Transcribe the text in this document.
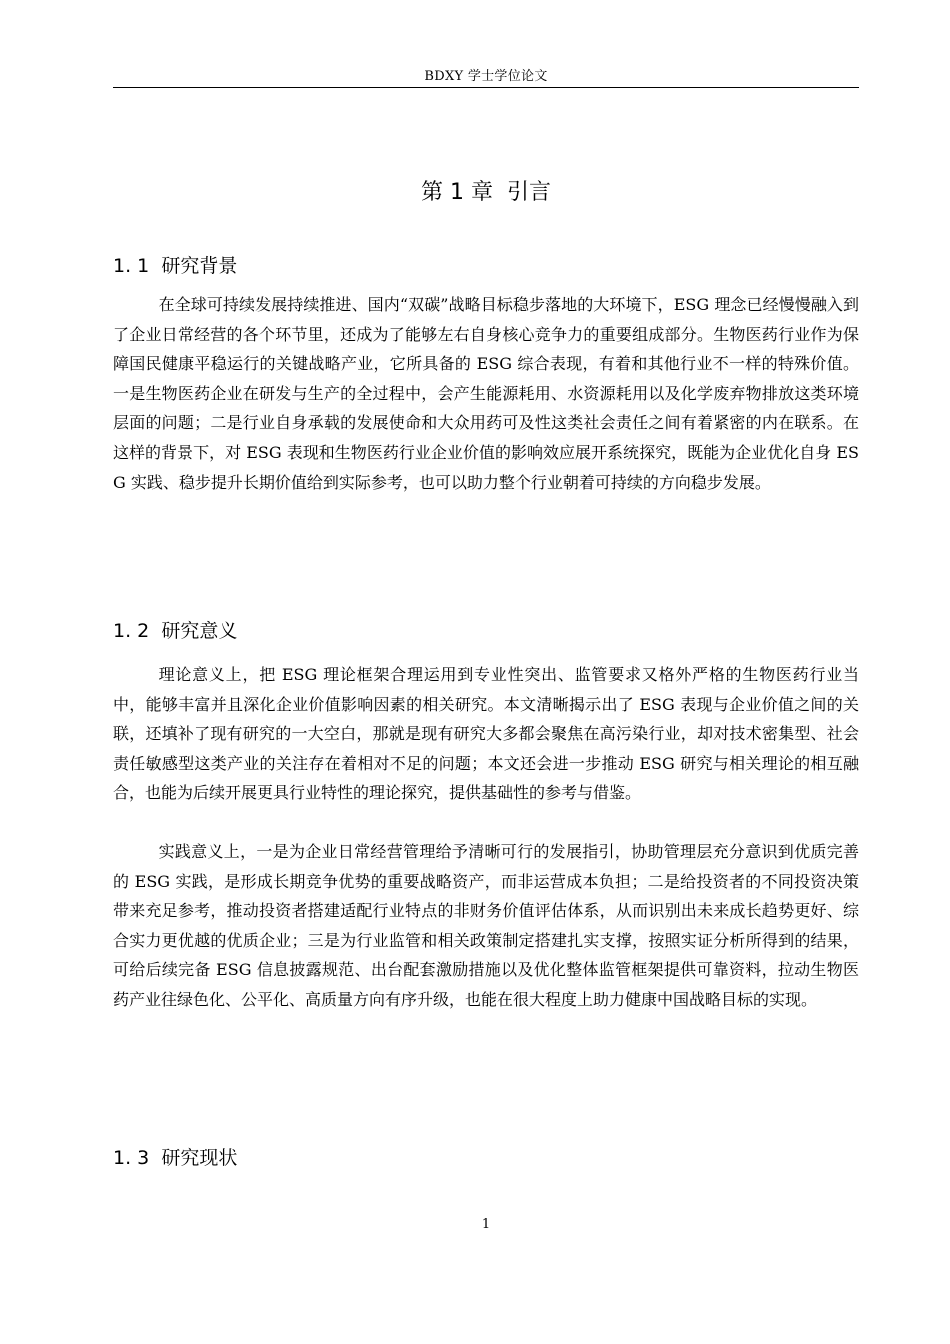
BDXY 学士学位论文
第 1 章  引言
1. 1  研究背景

在全球可持续发展持续推进、国内“双碳”战略目标稳步落地的大环境下，ESG 理念已经慢慢融入到了企业日常经营的各个环节里，还成为了能够左右自身核心竞争力的重要组成部分。生物医药行业作为保障国民健康平稳运行的关键战略产业，它所具备的 ESG 综合表现，有着和其他行业不一样的特殊价值。一是生物医药企业在研发与生产的全过程中，会产生能源耗用、水资源耗用以及化学废弃物排放这类环境层面的问题；二是行业自身承载的发展使命和大众用药可及性这类社会责任之间有着紧密的内在联系。在这样的背景下，对 ESG 表现和生物医药行业企业价值的影响效应展开系统探究，既能为企业优化自身 ESG 实践、稳步提升长期价值给到实际参考，也可以助力整个行业朝着可持续的方向稳步发展。

1. 2  研究意义

理论意义上，把 ESG 理论框架合理运用到专业性突出、监管要求又格外严格的生物医药行业当中，能够丰富并且深化企业价值影响因素的相关研究。本文清晰揭示出了 ESG 表现与企业价值之间的关联，还填补了现有研究的一大空白，那就是现有研究大多都会聚焦在高污染行业，却对技术密集型、社会责任敏感型这类产业的关注存在着相对不足的问题；本文还会进一步推动 ESG 研究与相关理论的相互融合，也能为后续开展更具行业特性的理论探究，提供基础性的参考与借鉴。

实践意义上，一是为企业日常经营管理给予清晰可行的发展指引，协助管理层充分意识到优质完善的 ESG 实践，是形成长期竞争优势的重要战略资产，而非运营成本负担；二是给投资者的不同投资决策带来充足参考，推动投资者搭建适配行业特点的非财务价值评估体系，从而识别出未来成长趋势更好、综合实力更优越的优质企业；三是为行业监管和相关政策制定搭建扎实支撑，按照实证分析所得到的结果，可给后续完备 ESG 信息披露规范、出台配套激励措施以及优化整体监管框架提供可靠资料，拉动生物医药产业往绿色化、公平化、高质量方向有序升级，也能在很大程度上助力健康中国战略目标的实现。

1. 3  研究现状
1
